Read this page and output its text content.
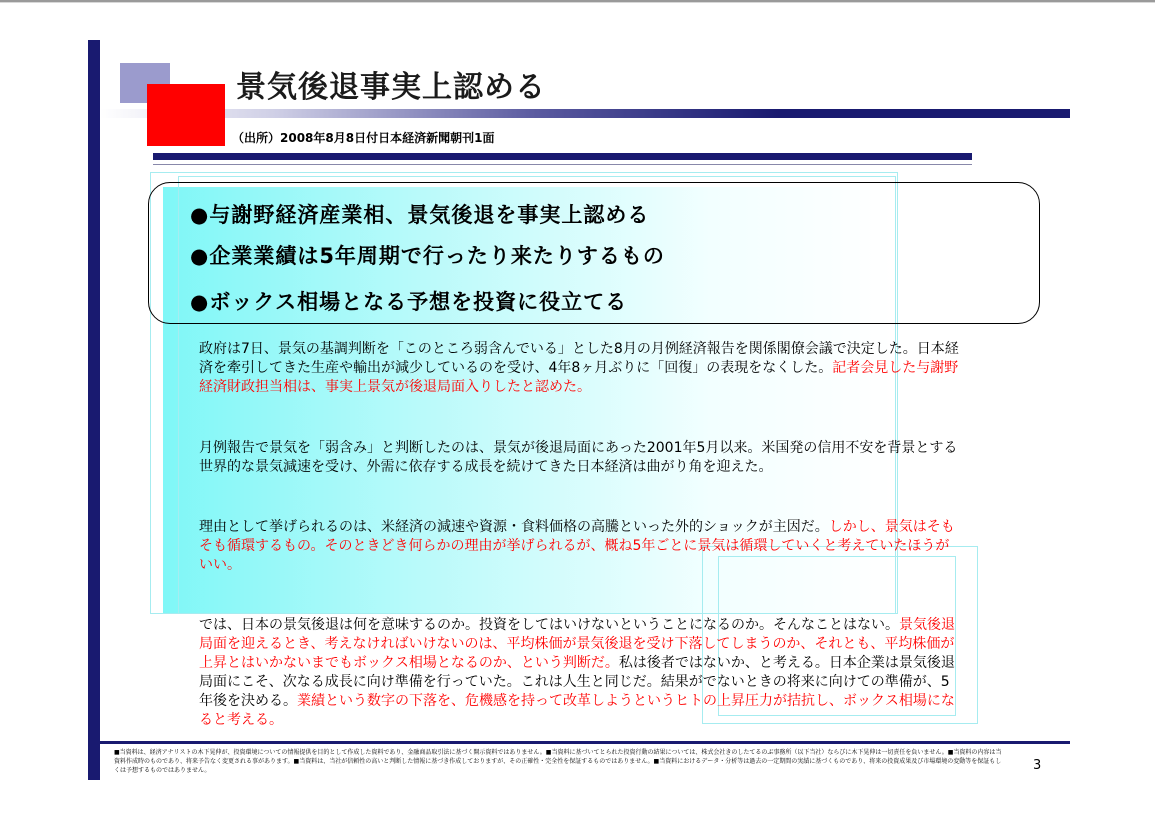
景気後退事実上認める
（出所）2008年8月8日付日本経済新聞朝刊1面
●与謝野経済産業相、景気後退を事実上認める
●企業業績は5年周期で行ったり来たりするもの
●ボックス相場となる予想を投資に役立てる

政府は7日、景気の基調判断を「このところ弱含んでいる」とした8月の月例経済報告を関係閣僚会議で決定した。日本経済を牽引してきた生産や輸出が減少しているのを受け、4年8ヶ月ぶりに「回復」の表現をなくした。記者会見した与謝野経済財政担当相は、事実上景気が後退局面入りしたと認めた。

月例報告で景気を「弱含み」と判断したのは、景気が後退局面にあった2001年5月以来。米国発の信用不安を背景とする世界的な景気減速を受け、外需に依存する成長を続けてきた日本経済は曲がり角を迎えた。

理由として挙げられるのは、米経済の減速や資源・食料価格の高騰といった外的ショックが主因だ。しかし、景気はそもそも循環するもの。そのときどき何らかの理由が挙げられるが、概ね5年ごとに景気は循環していくと考えていたほうがいい。

では、日本の景気後退は何を意味するのか。投資をしてはいけないということになるのか。そんなことはない。景気後退局面を迎えるとき、考えなければいけないのは、平均株価が景気後退を受け下落してしまうのか、それとも、平均株価が上昇とはいかないまでもボックス相場となるのか、という判断だ。私は後者ではないか、と考える。日本企業は景気後退局面にこそ、次なる成長に向け準備を行っていた。これは人生と同じだ。結果がでないときの将来に向けての準備が、5年後を決める。業績という数字の下落を、危機感を持って改革しようというヒトの上昇圧力が拮抗し、ボックス相場になると考える。

■当資料は、経済アナリストの木下晃伸が、投資環境についての情報提供を目的として作成した資料であり、金融商品取引法に基づく開示資料ではありません。■当資料に基づいてとられた投資行動の結果については、株式会社きのしたてるのぶ事務所（以下当社）ならびに木下晃伸は一切責任を負いません。■当資料の内容は当資料作成時のものであり、将来予告なく変更される事があります。■当資料は、当社が信頼性の高いと判断した情報に基づき作成しておりますが、その正確性・完全性を保証するものではありません。■当資料におけるデータ・分析等は過去の一定期間の実績に基づくものであり、将来の投資成果及び市場環境の変動等を保証もしくは予想するものではありません。	3
